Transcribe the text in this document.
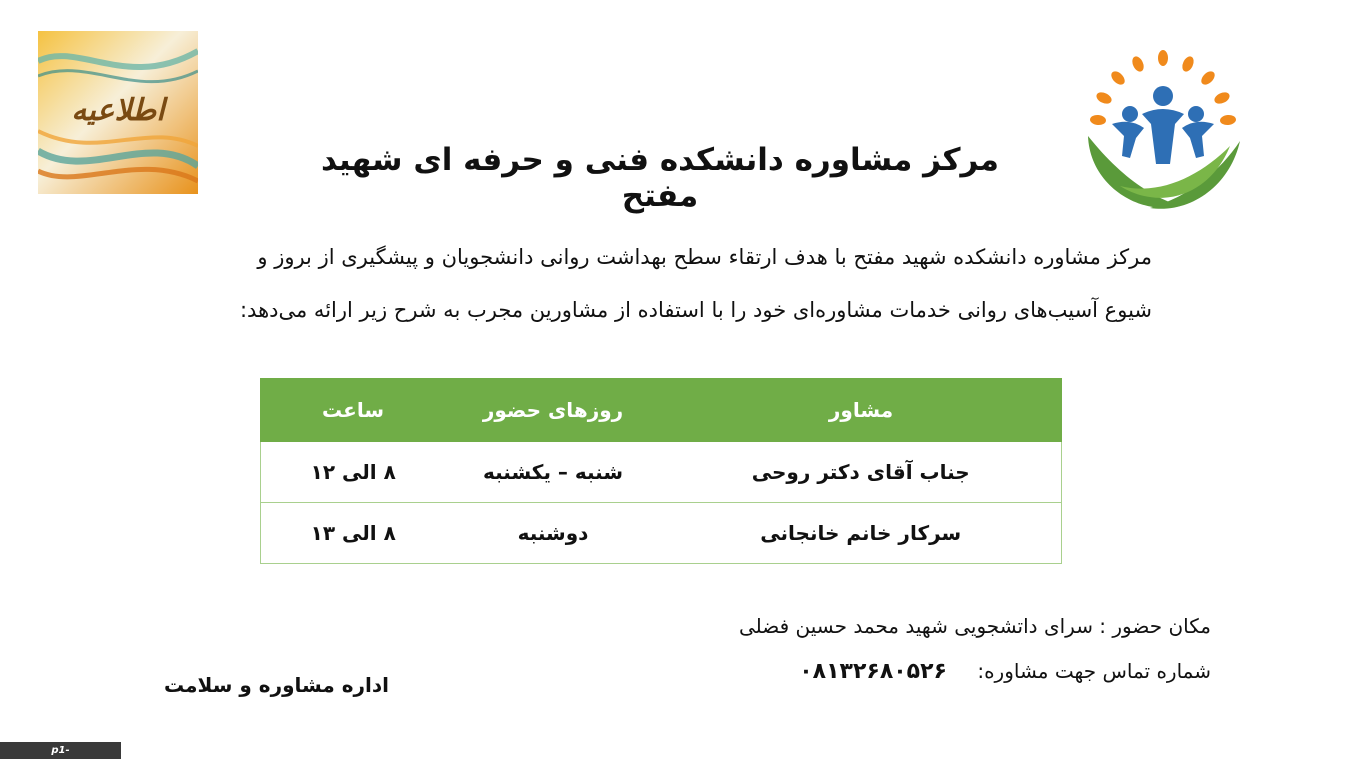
اطلاعیه
مرکز مشاوره دانشکده فنی و حرفه ای شهید مفتح
مرکز مشاوره دانشکده شهید مفتح با هدف ارتقاء سطح بهداشت روانی دانشجویان و پیشگیری از بروز و
شیوع آسیب‌های روانی خدمات مشاوره‌ای خود را با استفاده از مشاورین مجرب به شرح زیر ارائه می‌دهد:
مشاور	روزهای حضور	ساعت
جناب آقای دکتر روحی	شنبه – یکشنبه	۸ الی ۱۲
سرکار خانم خانجانی	دوشنبه	۸ الی ۱۳
مکان حضور : سرای داتشجویی شهید محمد حسین فضلی
شماره تماس جهت مشاوره: ۰۸۱۳۲۶۸۰۵۲۶
اداره مشاوره و سلامت
p1-hamedan.tvu.ac.ir
